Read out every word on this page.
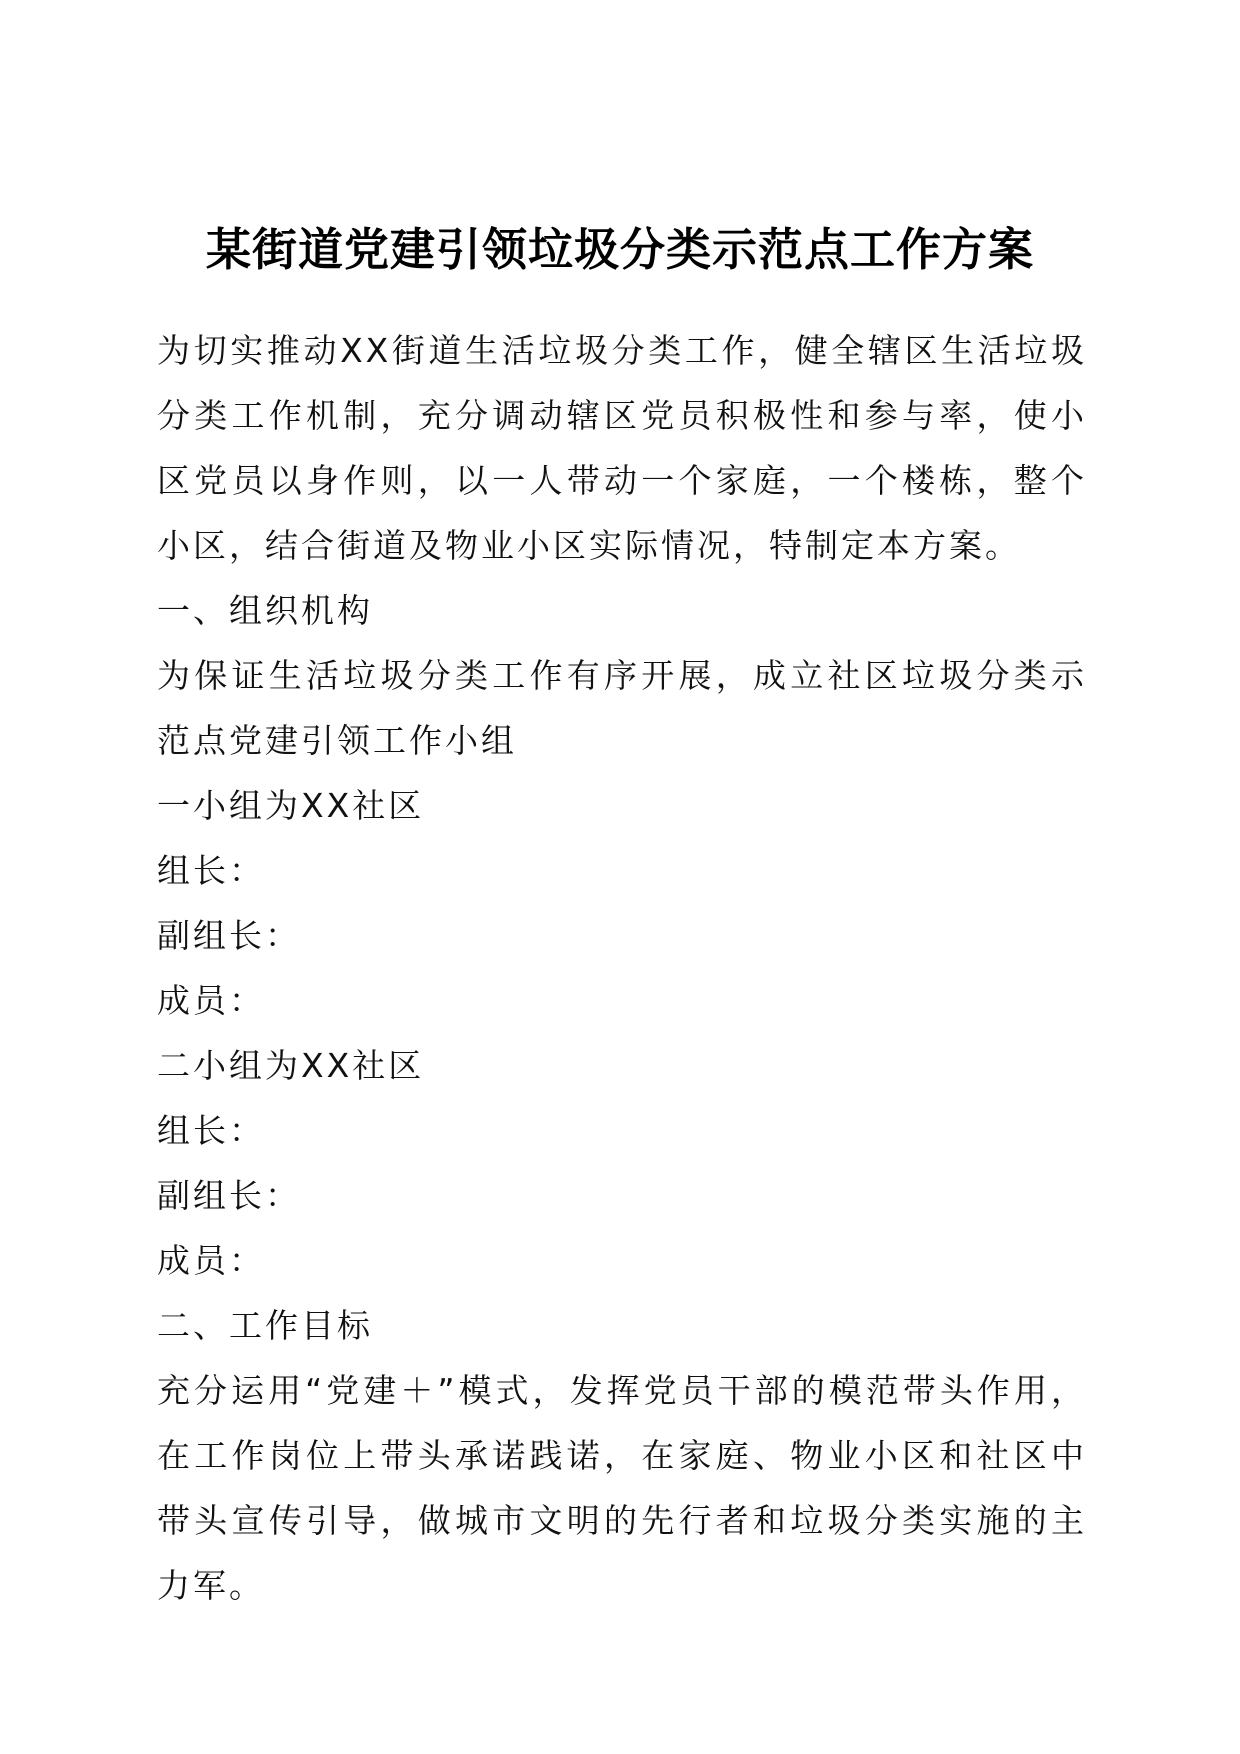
某街道党建引领垃圾分类示范点工作方案

为切实推动XX街道生活垃圾分类工作，健全辖区生活垃圾分类工作机制，充分调动辖区党员积极性和参与率，使小区党员以身作则，以一人带动一个家庭，一个楼栋，整个小区，结合街道及物业小区实际情况，特制定本方案。

一、组织机构

为保证生活垃圾分类工作有序开展，成立社区垃圾分类示范点党建引领工作小组

一小组为XX社区

组长：

副组长：

成员：

二小组为XX社区

组长：

副组长：

成员：

二、工作目标

充分运用“党建＋”模式，发挥党员干部的模范带头作用，在工作岗位上带头承诺践诺，在家庭、物业小区和社区中带头宣传引导，做城市文明的先行者和垃圾分类实施的主力军。
